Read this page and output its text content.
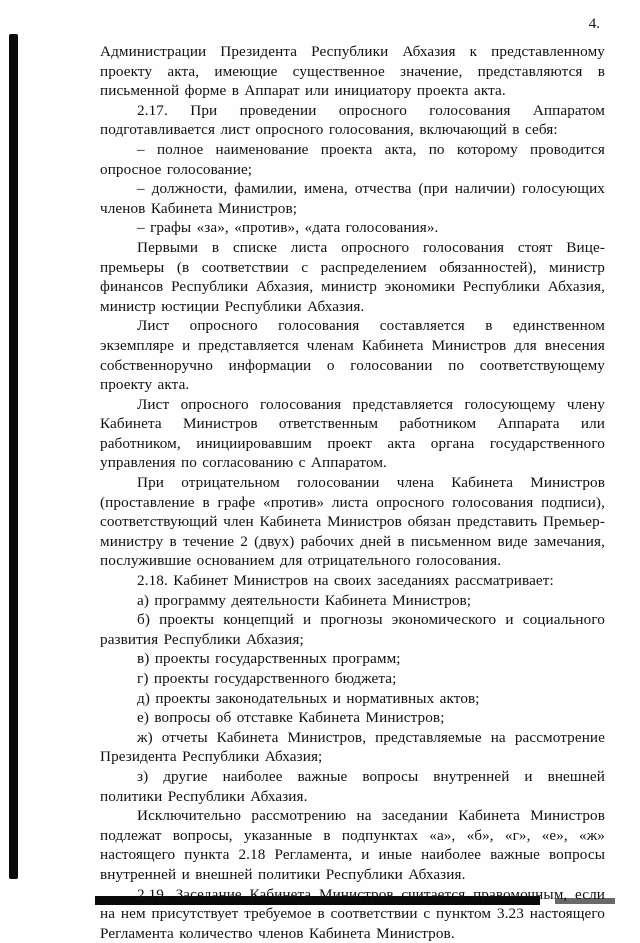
4.

Администрации Президента Республики Абхазия к представленному проекту акта, имеющие существенное значение, представляются в письменной форме в Аппарат или инициатору проекта акта.

2.17. При проведении опросного голосования Аппаратом подготавливается лист опросного голосования, включающий в себя:

– полное наименование проекта акта, по которому проводится опросное голосование;

– должности, фамилии, имена, отчества (при наличии) голосующих членов Кабинета Министров;

– графы «за», «против», «дата голосования».

Первыми в списке листа опросного голосования стоят Вице-премьеры (в соответствии с распределением обязанностей), министр финансов Республики Абхазия, министр экономики Республики Абхазия, министр юстиции Республики Абхазия.

Лист опросного голосования составляется в единственном экземпляре и представляется членам Кабинета Министров для внесения собственноручно информации о голосовании по соответствующему проекту акта.

Лист опросного голосования представляется голосующему члену Кабинета Министров ответственным работником Аппарата или работником, инициировавшим проект акта органа государственного управления по согласованию с Аппаратом.

При отрицательном голосовании члена Кабинета Министров (проставление в графе «против» листа опросного голосования подписи), соответствующий член Кабинета Министров обязан представить Премьер-министру в течение 2 (двух) рабочих дней в письменном виде замечания, послужившие основанием для отрицательного голосования.

2.18. Кабинет Министров на своих заседаниях рассматривает:

а) программу деятельности Кабинета Министров;

б) проекты концепций и прогнозы экономического и социального развития Республики Абхазия;

в) проекты государственных программ;

г) проекты государственного бюджета;

д) проекты законодательных и нормативных актов;

е) вопросы об отставке Кабинета Министров;

ж) отчеты Кабинета Министров, представляемые на рассмотрение Президента Республики Абхазия;

з) другие наиболее важные вопросы внутренней и внешней политики Республики Абхазия.

Исключительно рассмотрению на заседании Кабинета Министров подлежат вопросы, указанные в подпунктах «а», «б», «г», «е», «ж» настоящего пункта 2.18 Регламента, и иные наиболее важные вопросы внутренней и внешней политики Республики Абхазия.

2.19. Заседание Кабинета Министров считается правомочным, если на нем присутствует требуемое в соответствии с пунктом 3.23 настоящего Регламента количество членов Кабинета Министров.
